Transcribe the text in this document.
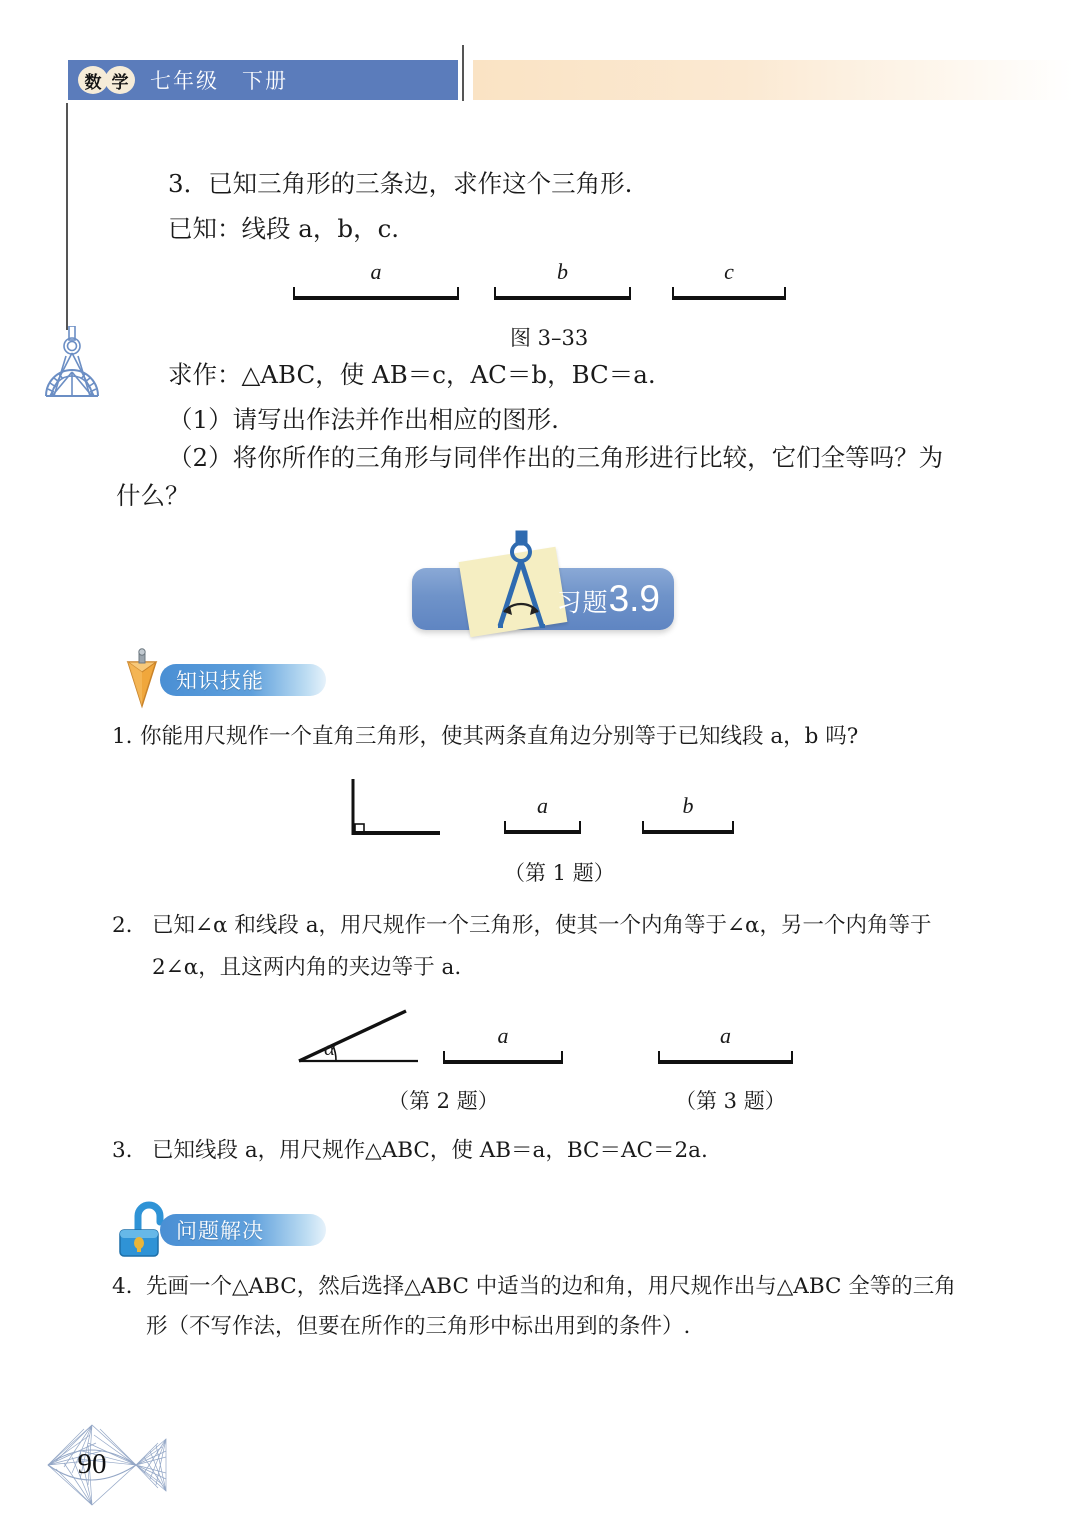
数 学	七年级　下册
3．已知三角形的三条边，求作这个三角形.
已知：线段 a，b，c.
a	b	c
图 3–33
求作：△ABC，使 AB＝c，AC＝b，BC＝a.
（1）请写出作法并作出相应的图形.
（2）将你所作的三角形与同伴作出的三角形进行比较，它们全等吗？为
什么？

习题3.9

知识技能
1. 你能用尺规作一个直角三角形，使其两条直角边分别等于已知线段 a，b 吗?
a	b
（第 1 题）
2. 已知∠α 和线段 a，用尺规作一个三角形，使其一个内角等于∠α，另一个内角等于
2∠α，且这两内角的夹边等于 a.
α	a
（第 2 题）
a
（第 3 题）
3. 已知线段 a，用尺规作△ABC，使 AB＝a，BC＝AC＝2a.
问题解决
4. 先画一个△ABC，然后选择△ABC 中适当的边和角，用尺规作出与△ABC 全等的三角
形（不写作法，但要在所作的三角形中标出用到的条件）.
90
